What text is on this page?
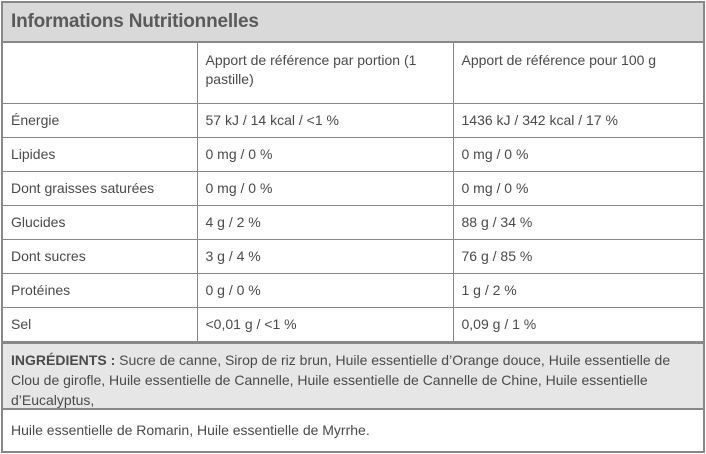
Informations Nutritionnelles
	Apport de référence par portion (1 pastille)	Apport de référence pour 100 g
Énergie	57 kJ / 14 kcal / <1 %	1436 kJ / 342 kcal / 17 %
Lipides	0 mg / 0 %	0 mg / 0 %
Dont graisses saturées	0 mg / 0 %	0 mg / 0 %
Glucides	4 g / 2 %	88 g / 34 %
Dont sucres	3 g / 4 %	76 g / 85 %
Protéines	0 g / 0 %	1 g / 2 %
Sel	<0,01 g / <1 %	0,09 g / 1 %
INGRÉDIENTS : Sucre de canne, Sirop de riz brun, Huile essentielle d’Orange douce, Huile essentielle de Clou de girofle, Huile essentielle de Cannelle, Huile essentielle de Cannelle de Chine, Huile essentielle d’Eucalyptus,
Huile essentielle de Romarin, Huile essentielle de Myrrhe.
